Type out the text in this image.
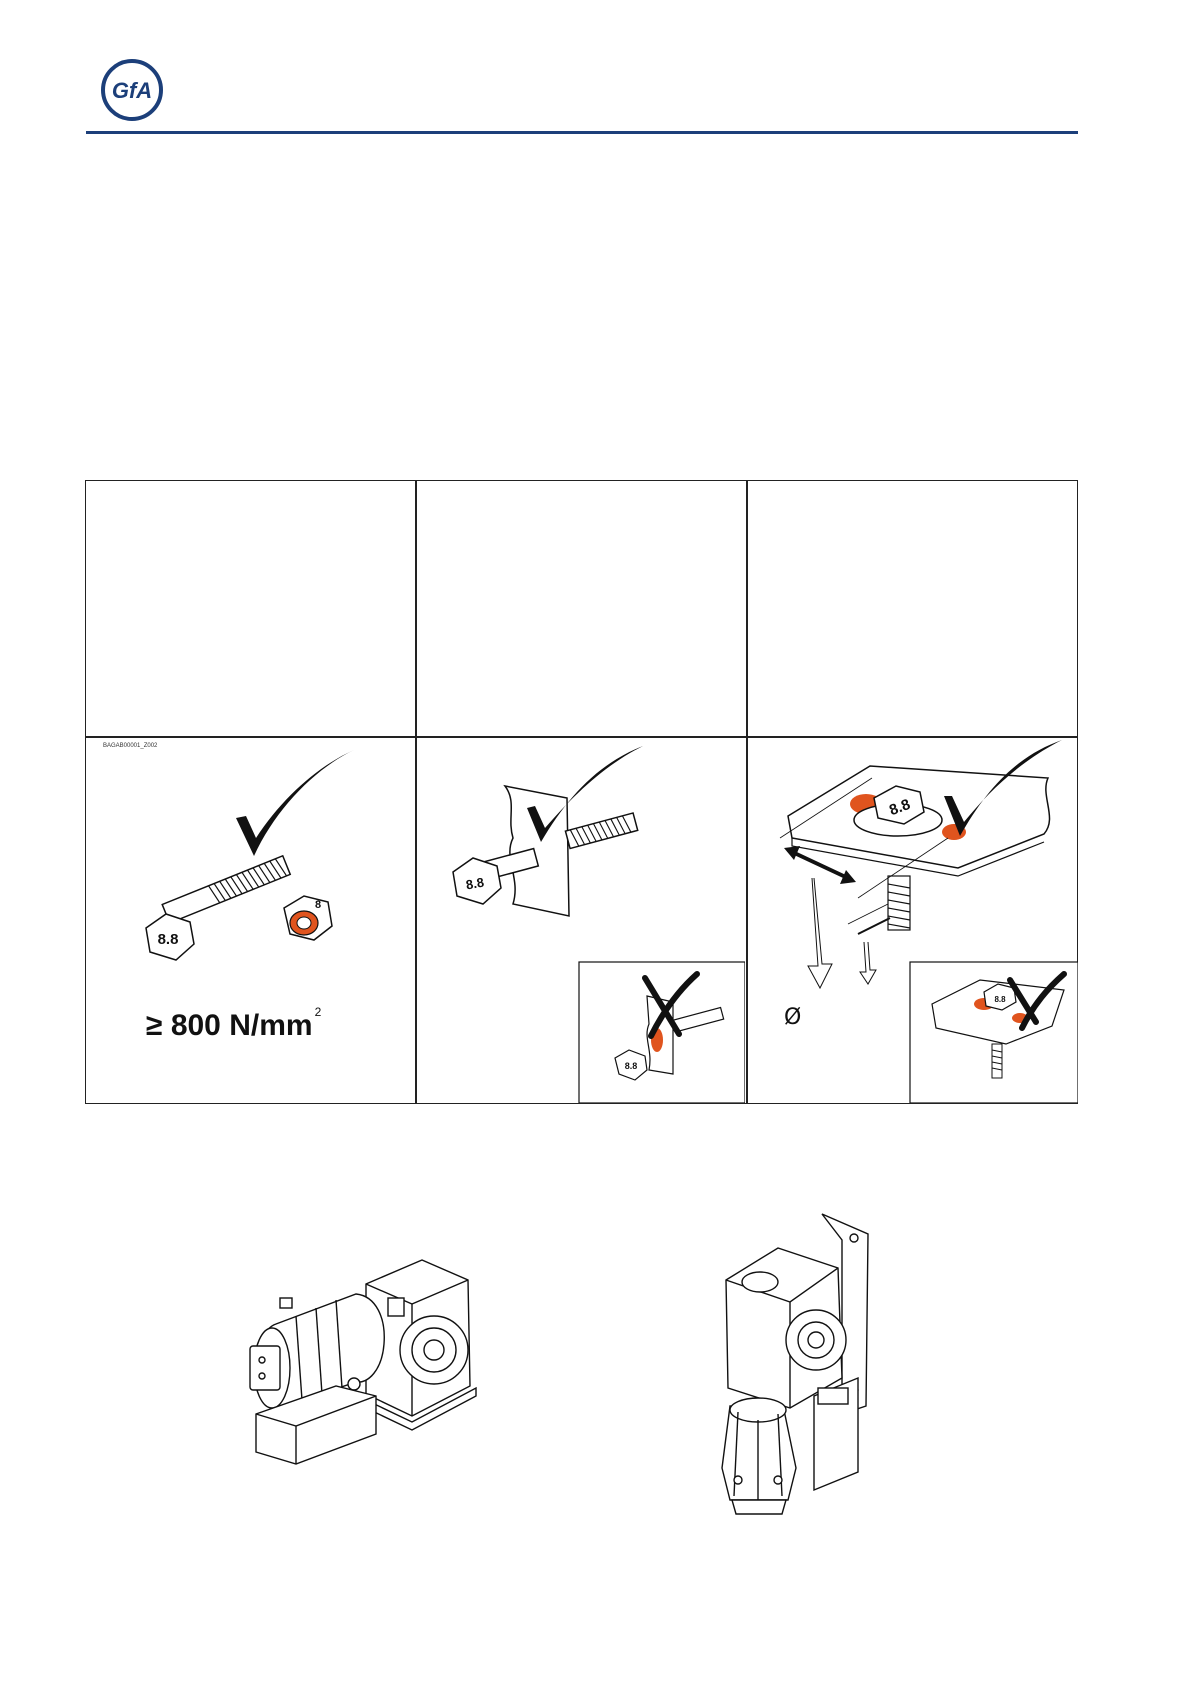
GfA
BAGAB00001_Z002
8.8
8
≥ 800 N/mm $^2$
8.8
8.8
8.8
8.8
Ø
